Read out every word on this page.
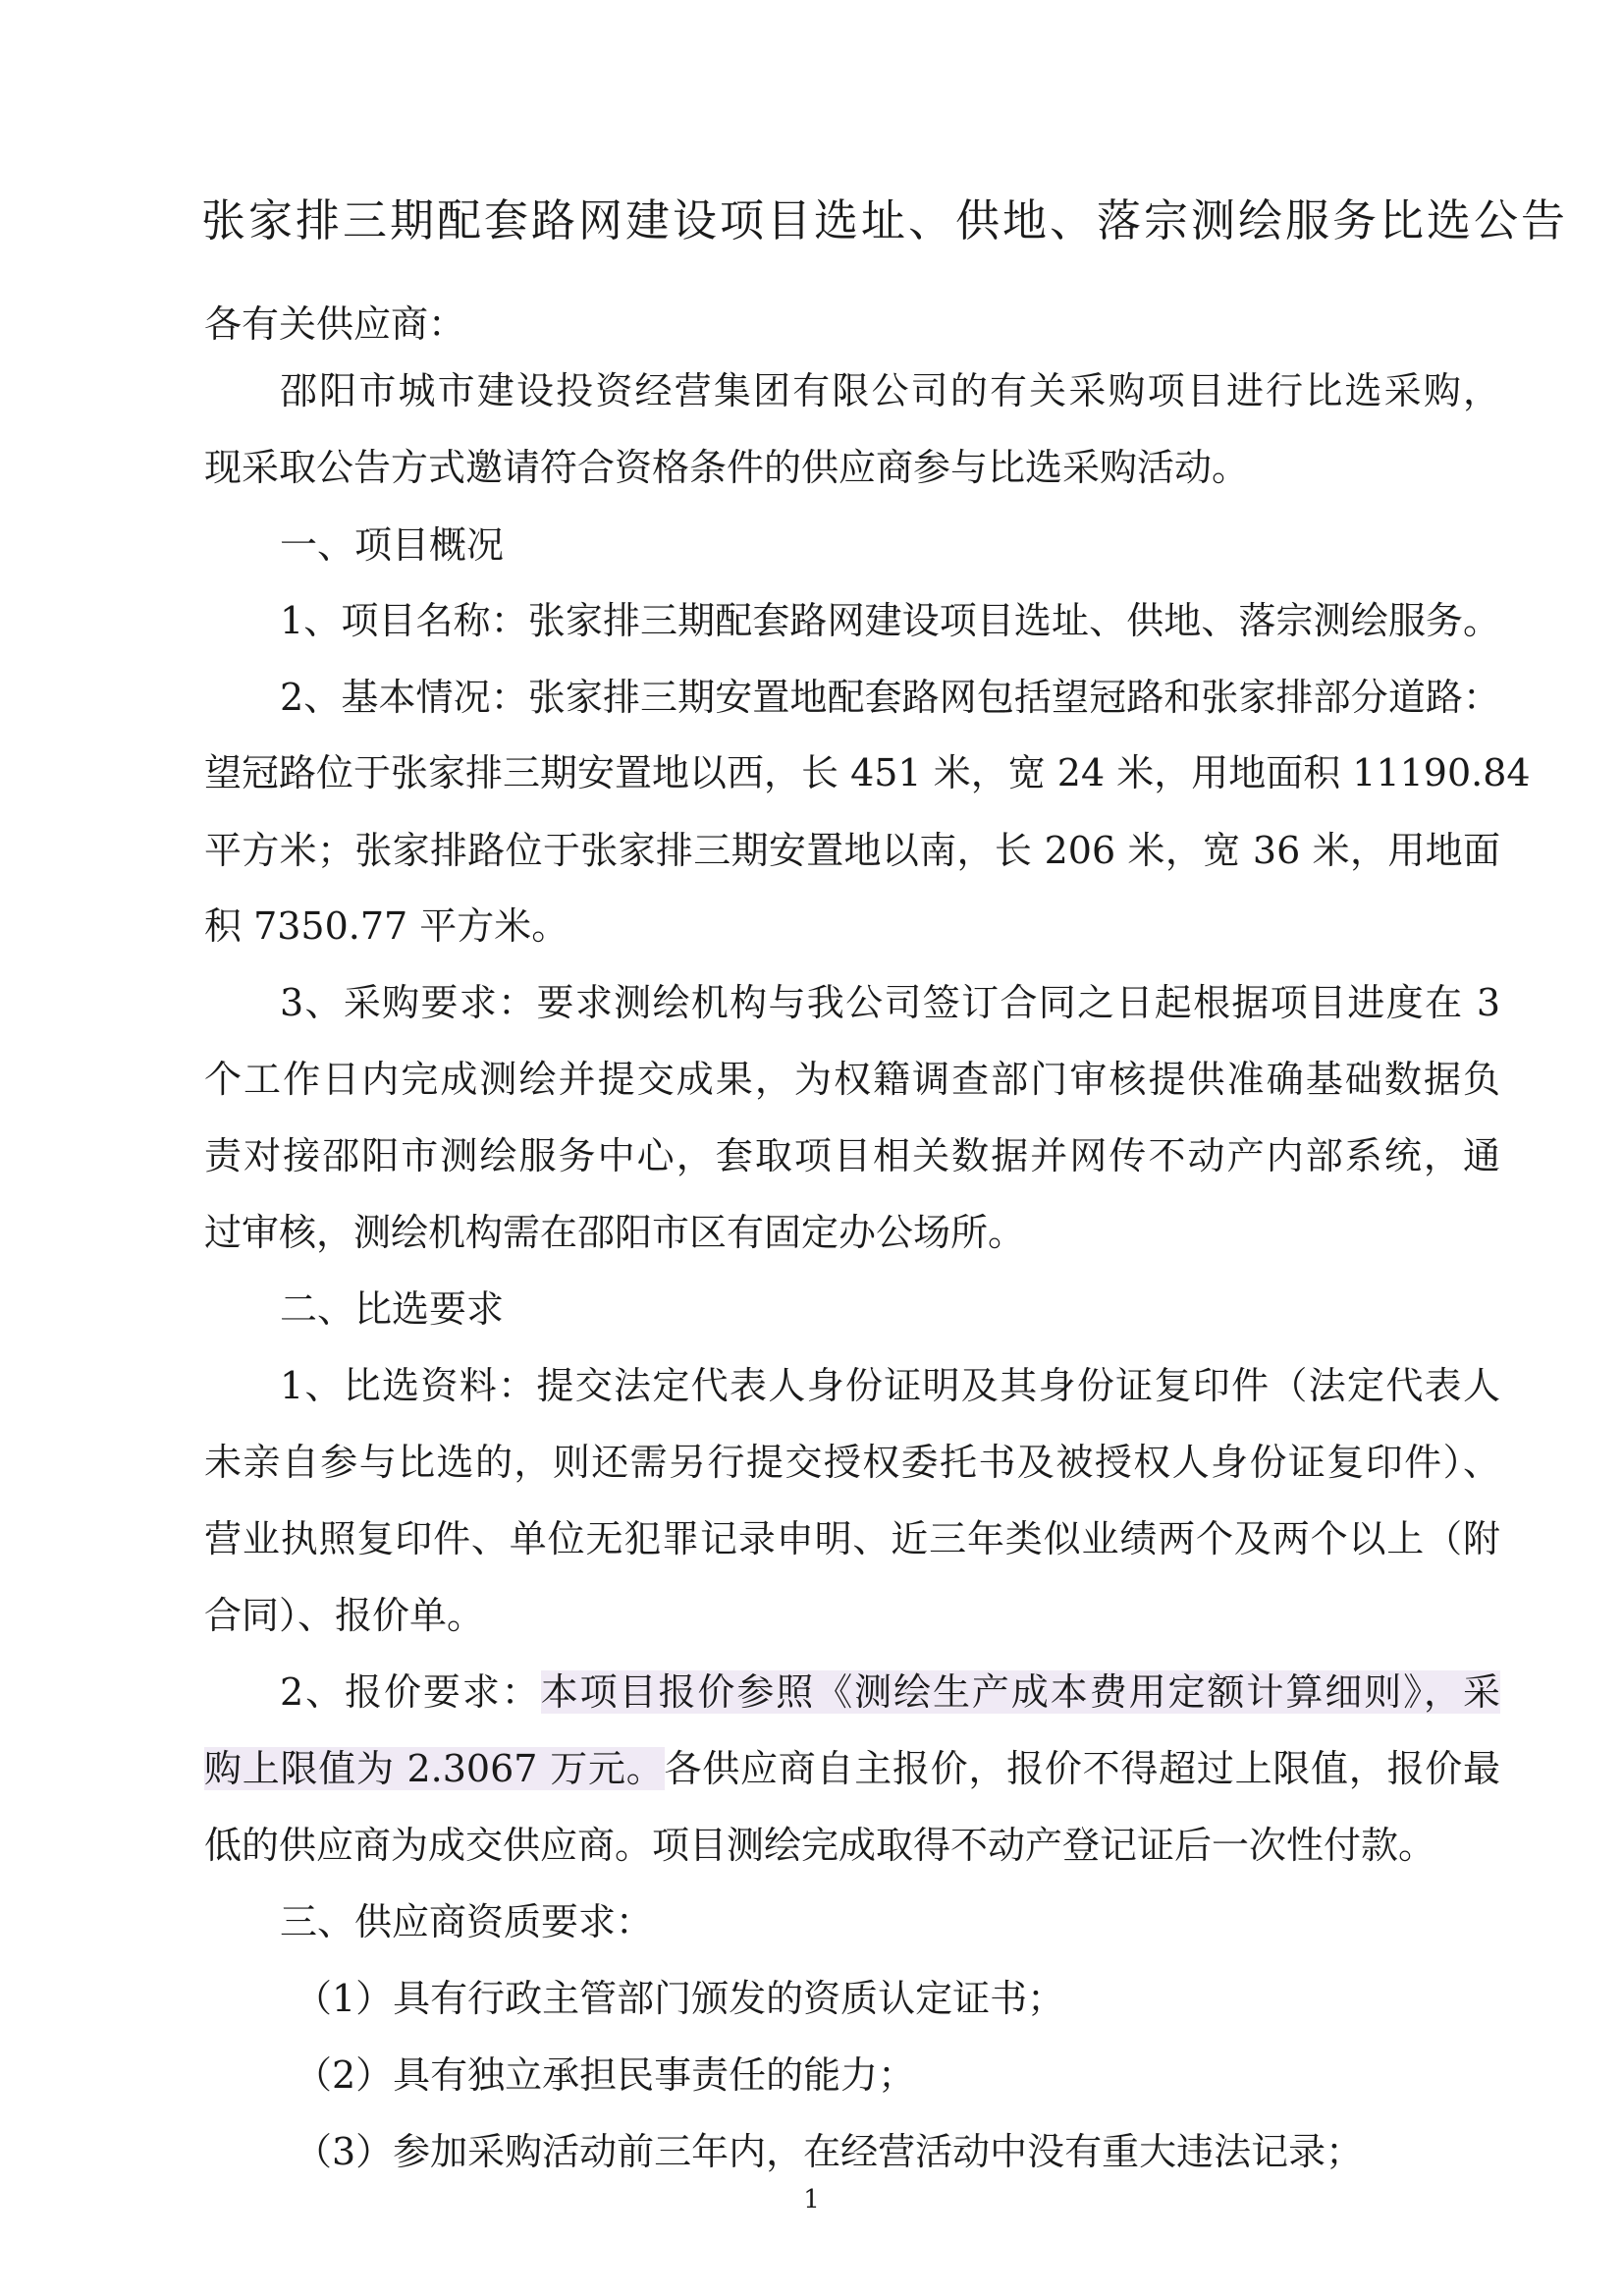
张家排三期配套路网建设项目选址、供地、落宗测绘服务比选公告
各有关供应商：
邵阳市城市建设投资经营集团有限公司的有关采购项目进行比选采购，
现采取公告方式邀请符合资格条件的供应商参与比选采购活动。
一、项目概况
1、项目名称：张家排三期配套路网建设项目选址、供地、落宗测绘服务。
2、基本情况：张家排三期安置地配套路网包括望冠路和张家排部分道路：
望冠路位于张家排三期安置地以西，长 451 米，宽 24 米，用地面积 11190.84
平方米；张家排路位于张家排三期安置地以南，长 206 米，宽 36 米，用地面
积 7350.77 平方米。
3、采购要求：要求测绘机构与我公司签订合同之日起根据项目进度在 3
个工作日内完成测绘并提交成果，为权籍调查部门审核提供准确基础数据负
责对接邵阳市测绘服务中心，套取项目相关数据并网传不动产内部系统，通
过审核，测绘机构需在邵阳市区有固定办公场所。
二、比选要求
1、比选资料：提交法定代表人身份证明及其身份证复印件（法定代表人
未亲自参与比选的，则还需另行提交授权委托书及被授权人身份证复印件）、
营业执照复印件、单位无犯罪记录申明、近三年类似业绩两个及两个以上（附
合同）、报价单。
2、报价要求：本项目报价参照《测绘生产成本费用定额计算细则》，采
购上限值为 2.3067 万元。各供应商自主报价，报价不得超过上限值，报价最
低的供应商为成交供应商。项目测绘完成取得不动产登记证后一次性付款。
三、供应商资质要求：
（1）具有行政主管部门颁发的资质认定证书；
（2）具有独立承担民事责任的能力；
（3）参加采购活动前三年内，在经营活动中没有重大违法记录；
1
